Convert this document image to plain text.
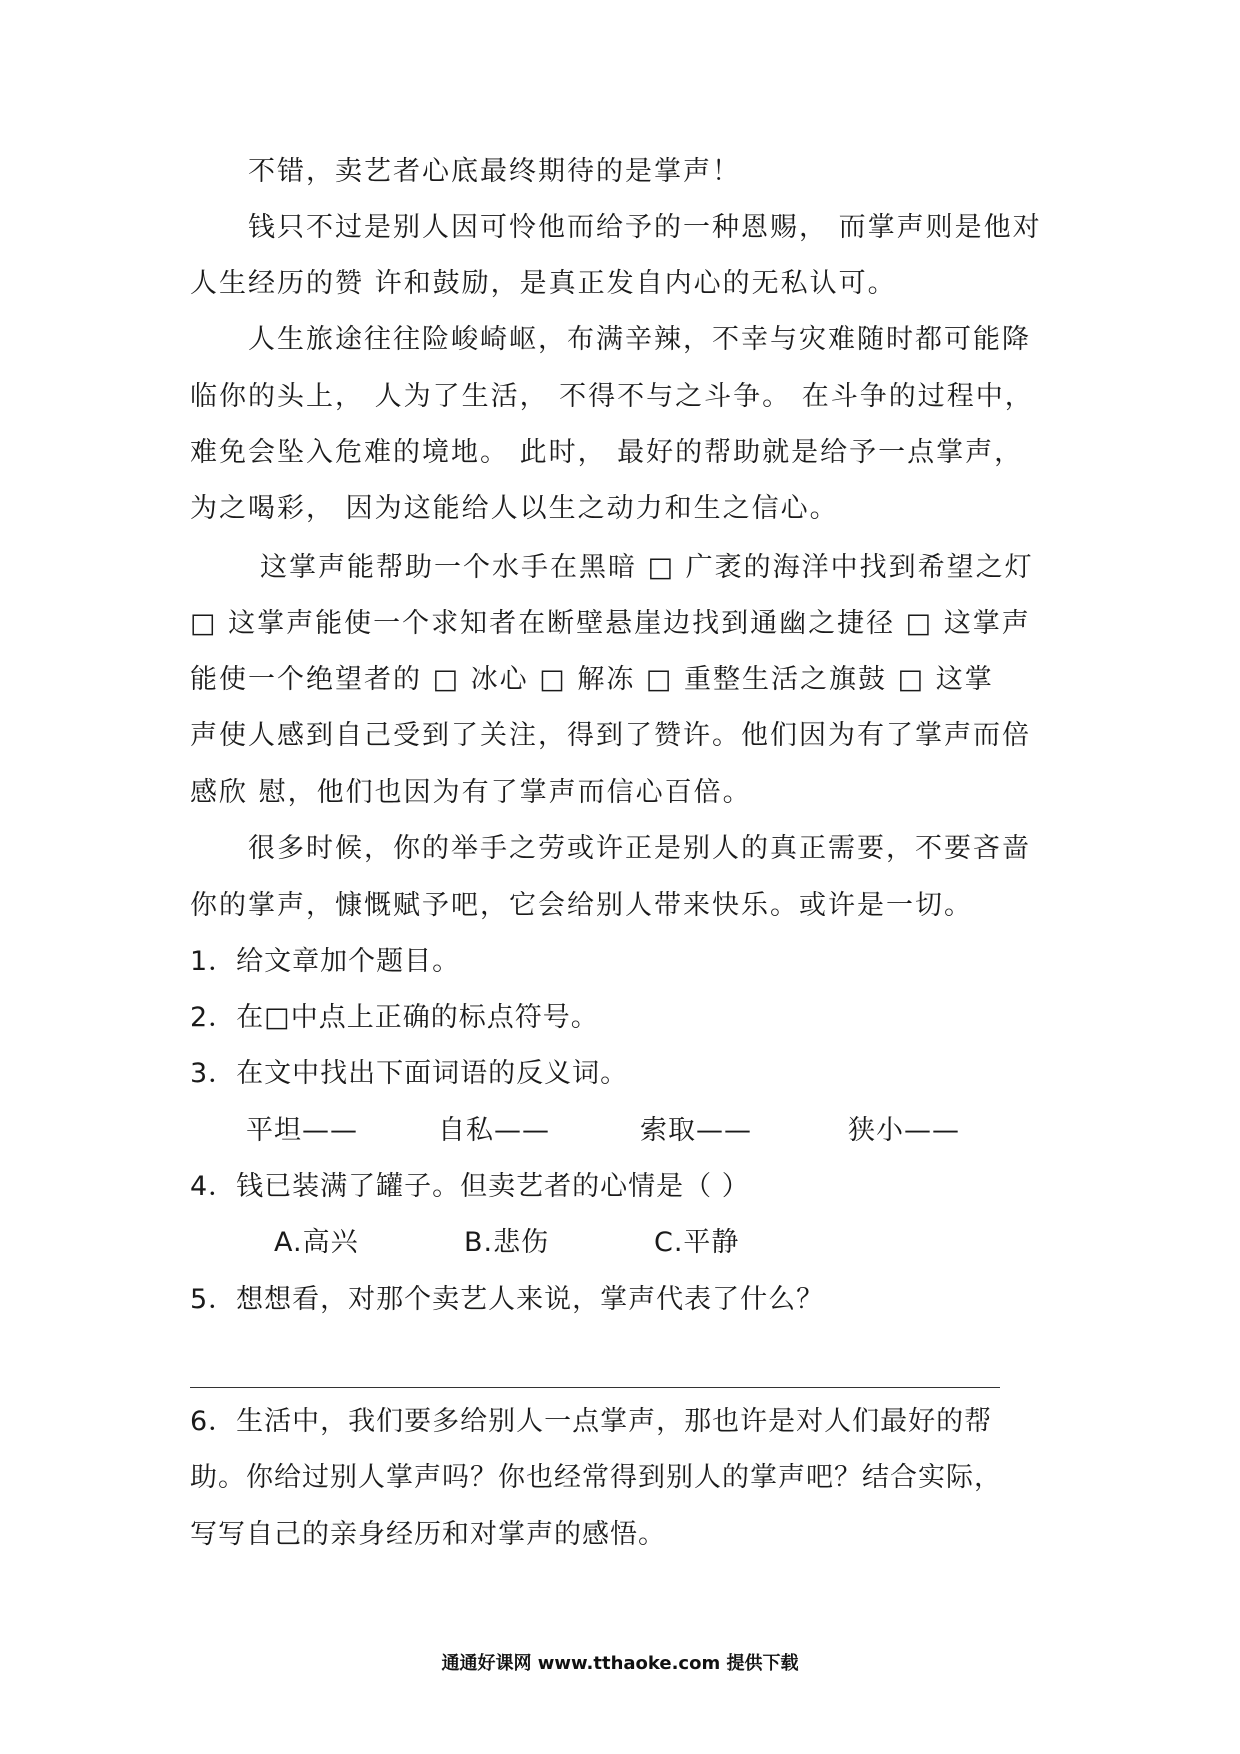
不错，卖艺者心底最终期待的是掌声！
钱只不过是别人因可怜他而给予的一种恩赐， 而掌声则是他对
人生经历的赞 许和鼓励，是真正发自内心的无私认可。
人生旅途往往险峻崎岖，布满辛辣，不幸与灾难随时都可能降
临你的头上， 人为了生活， 不得不与之斗争。 在斗争的过程中，
难免会坠入危难的境地。 此时， 最好的帮助就是给予一点掌声，
为之喝彩， 因为这能给人以生之动力和生之信心。
这掌声能帮助一个水手在黑暗 □ 广袤的海洋中找到希望之灯
□ 这掌声能使一个求知者在断壁悬崖边找到通幽之捷径 □ 这掌声
能使一个绝望者的 □ 冰心 □ 解冻 □ 重整生活之旗鼓 □ 这掌
声使人感到自己受到了关注，得到了赞许。他们因为有了掌声而倍
感欣 慰，他们也因为有了掌声而信心百倍。
很多时候，你的举手之劳或许正是别人的真正需要，不要吝啬
你的掌声，慷慨赋予吧，它会给别人带来快乐。或许是一切。
1．给文章加个题目。
2．在□中点上正确的标点符号。
3．在文中找出下面词语的反义词。
平坦——	自私——	索取——	狭小——
4．钱已装满了罐子。但卖艺者的心情是（ ）
A.高兴	B.悲伤	C.平静
5．想想看，对那个卖艺人来说，掌声代表了什么？
6．生活中，我们要多给别人一点掌声，那也许是对人们最好的帮
助。你给过别人掌声吗？你也经常得到别人的掌声吧？结合实际，
写写自己的亲身经历和对掌声的感悟。
通通好课网 www.tthaoke.com 提供下载
